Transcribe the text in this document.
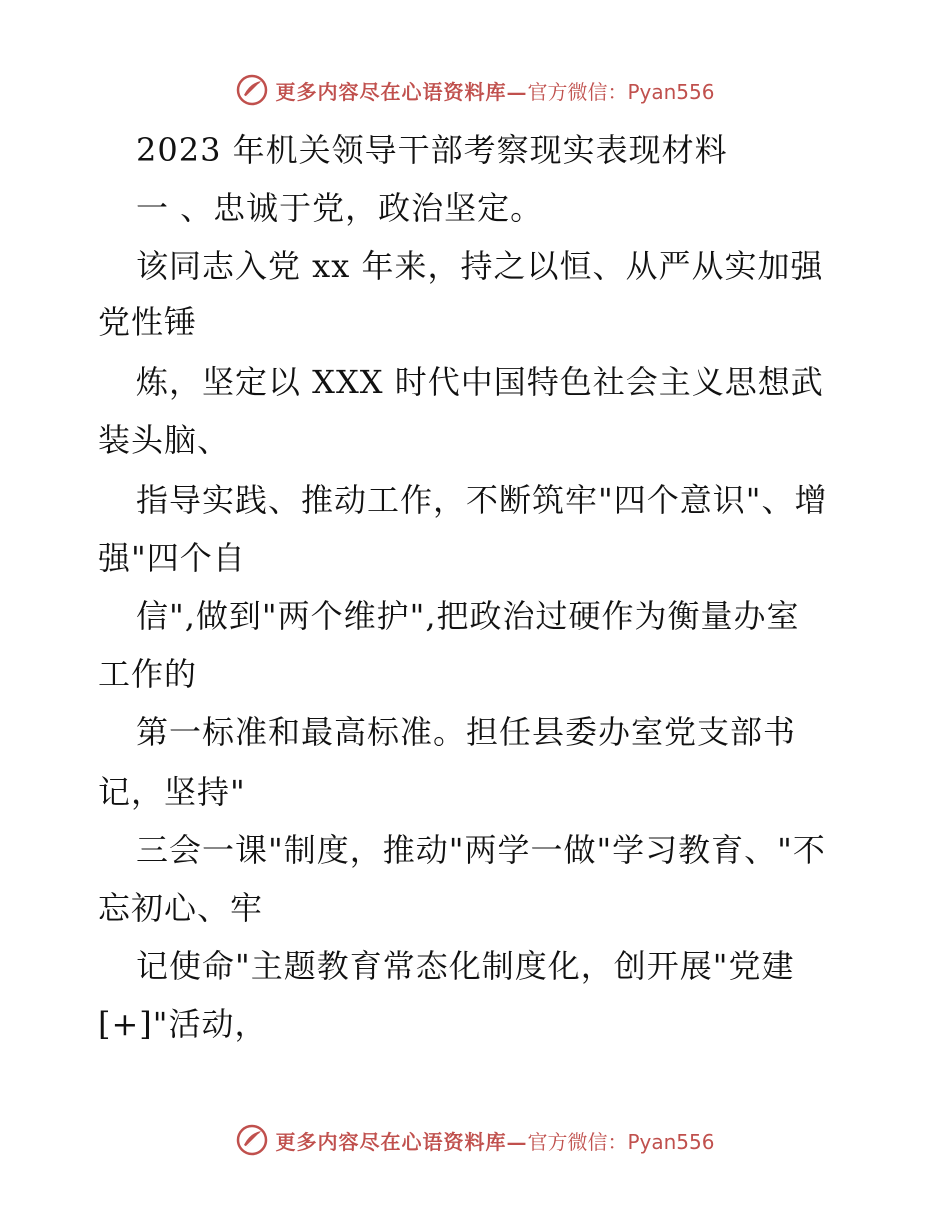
更多内容尽在心语资料库— 官方微信：Pyan556
2023 年机关领导干部考察现实表现材料
一 、忠诚于党，政治坚定。
该同志入党 xx 年来，持之以恒、从严从实加强
党性锤
炼，坚定以 XXX 时代中国特色社会主义思想武
装头脑、
指导实践、推动工作，不断筑牢"四个意识"、增
强"四个自
信",做到"两个维护",把政治过硬作为衡量办室
工作的
第一标准和最高标准。担任县委办室党支部书
记，坚持"
三会一课"制度，推动"两学一做"学习教育、"不
忘初心、牢
记使命"主题教育常态化制度化，创开展"党建
[+]"活动，
更多内容尽在心语资料库— 官方微信：Pyan556
